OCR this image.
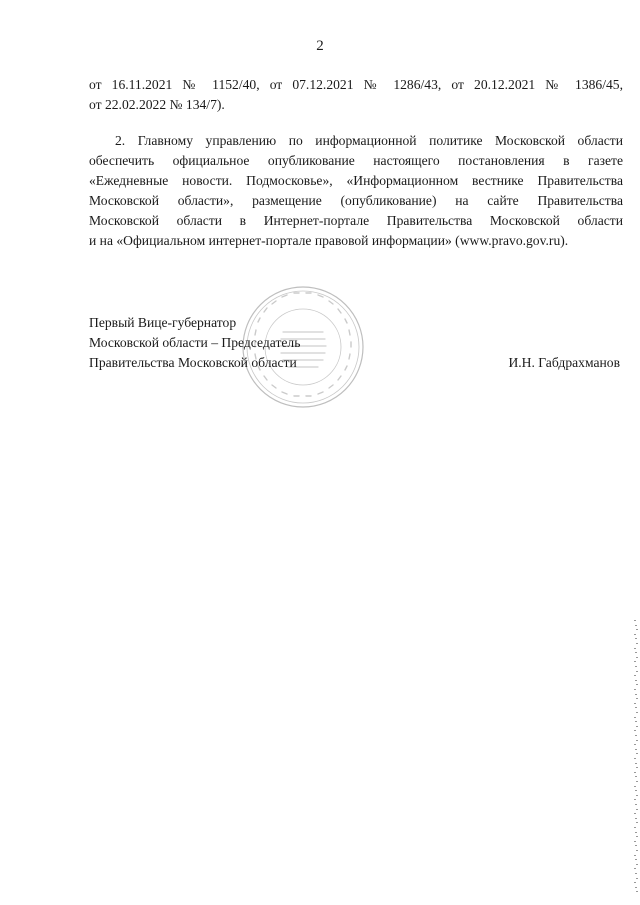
2
от 16.11.2021 № 1152/40, от 07.12.2021 № 1286/43, от 20.12.2021 № 1386/45,
от 22.02.2022 № 134/7).
2. Главному управлению по информационной политике Московской области
обеспечить официальное опубликование настоящего постановления в газете
«Ежедневные новости. Подмосковье», «Информационном вестнике Правительства
Московской области», размещение (опубликование) на сайте Правительства
Московской области в Интернет-портале Правительства Московской области
и на «Официальном интернет-портале правовой информации» (www.pravo.gov.ru).
Первый Вице-губернатор
Московской области – Председатель
Правительства Московской области	И.Н. Габдрахманов
